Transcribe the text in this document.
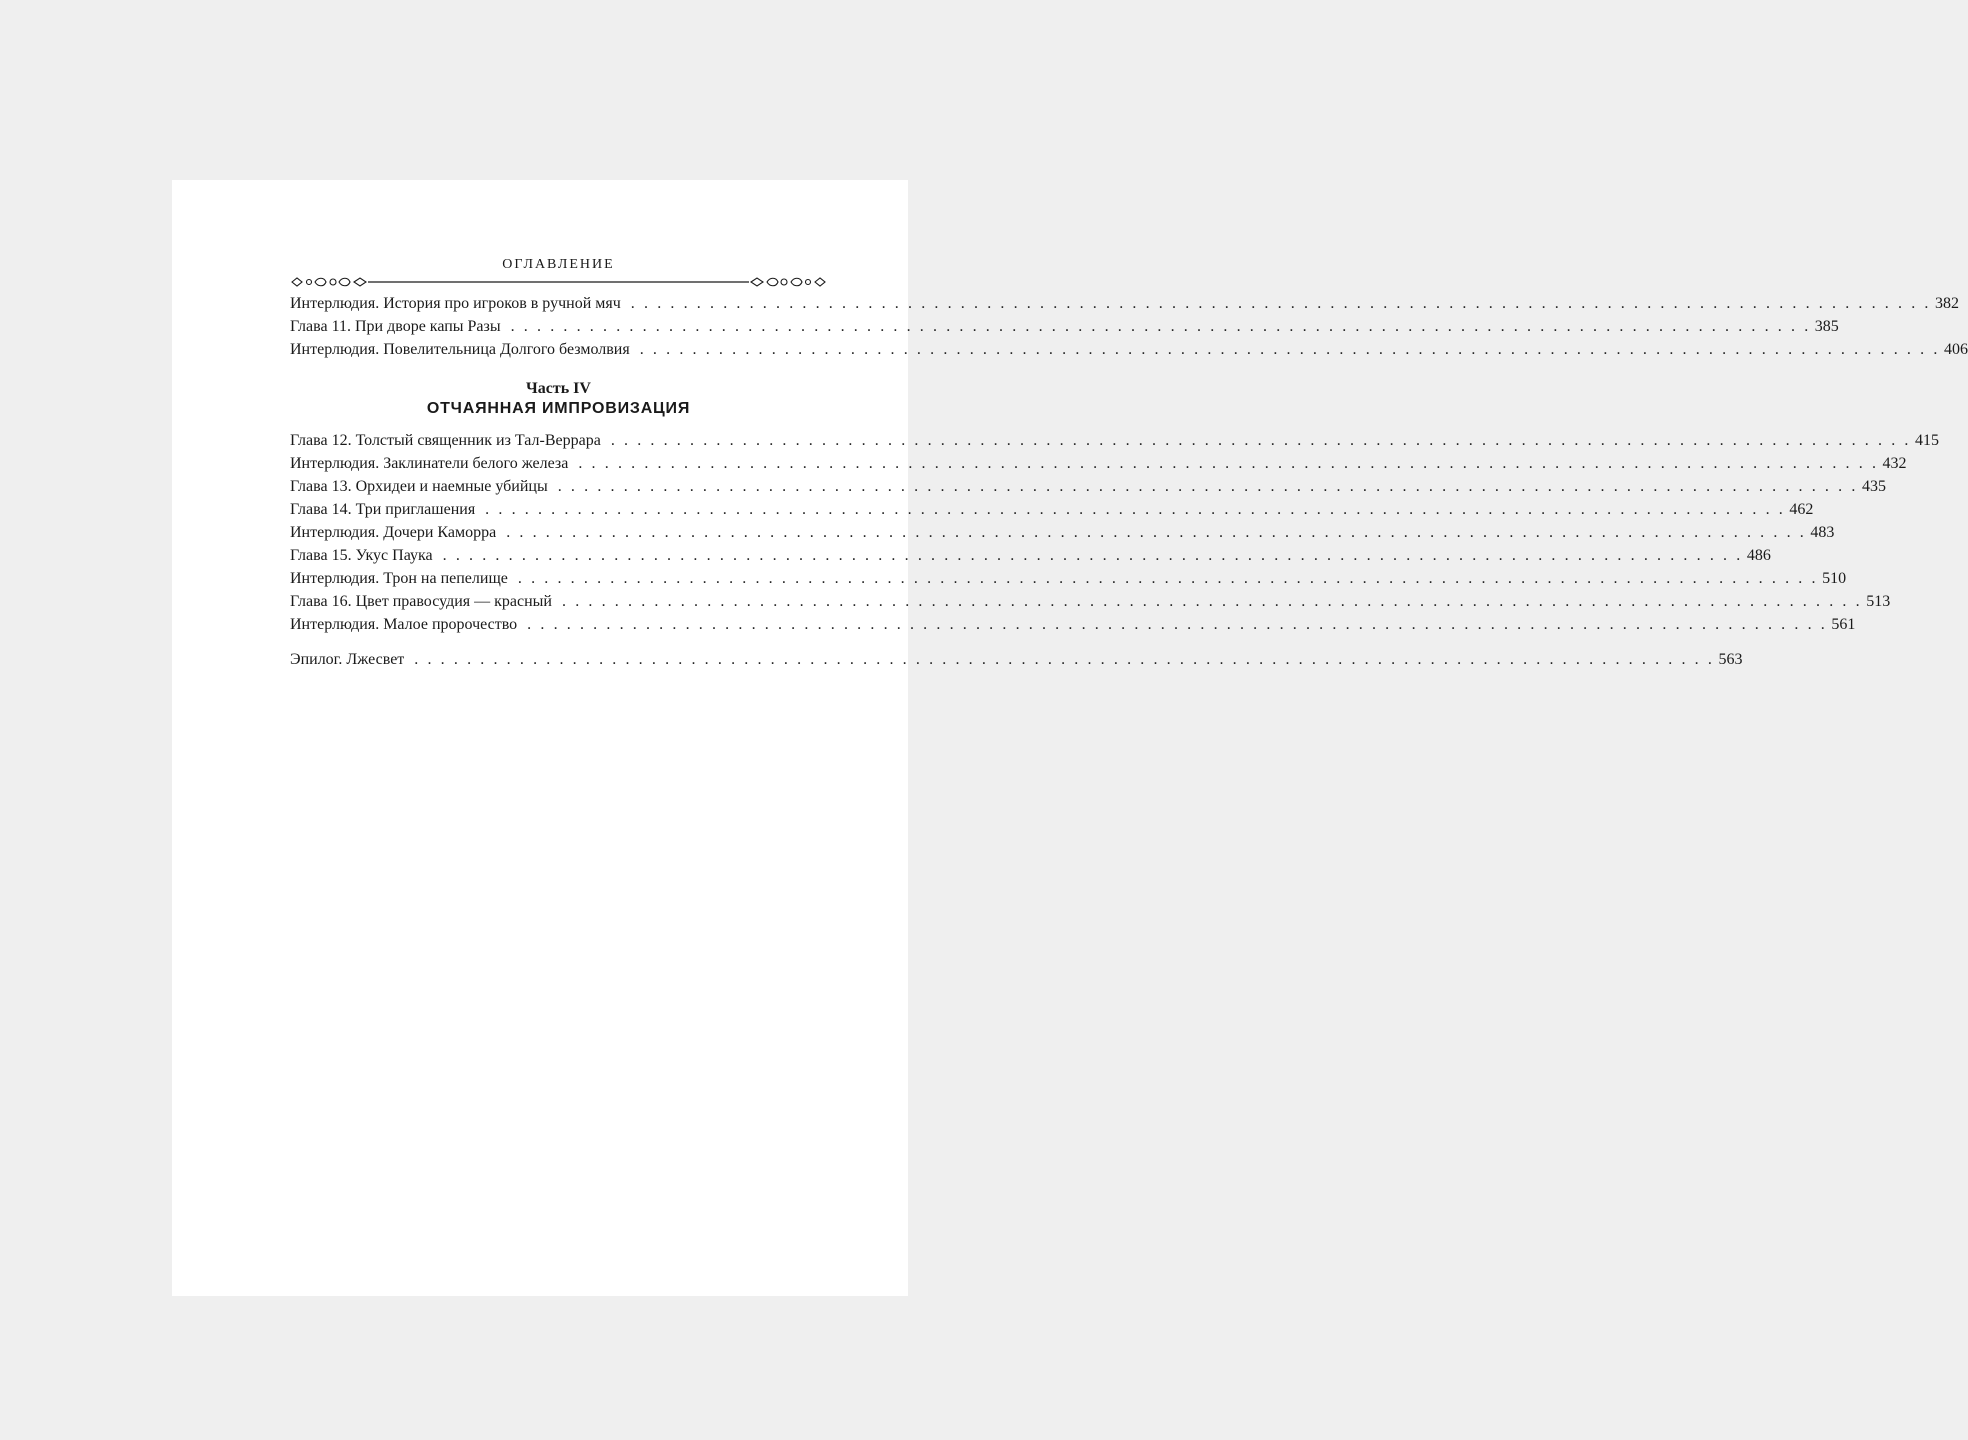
ОГЛАВЛЕНИЕ
Интерлюдия. История про игроков в ручной мяч . . . . . . . . . . . . . . . . . . . . . . . . . . . . . . . . . . . . . . . . . . . . . . . . . . . . . . . . . . . . . . . . . . . . . . . . . . . . . . . . . . . . . . . . . . . . . . . . . . . 382
Глава 11. При дворе капы Разы . . . . . . . . . . . . . . . . . . . . . . . . . . . . . . . . . . . . . . . . . . . . . . . . . . . . . . . . . . . . . . . . . . . . . . . . . . . . . . . . . . . . . . . . . . . . . . . . . . . 385
Интерлюдия. Повелительница Долгого безмолвия . . . . . . . . . . . . . . . . . . . . . . . . . . . . . . . . . . . . . . . . . . . . . . . . . . . . . . . . . . . . . . . . . . . . . . . . . . . . . . . . . . . . . . . . . . . . . . . . . . . 406
Часть IV
ОТЧАЯННАЯ ИМПРОВИЗАЦИЯ
Глава 12. Толстый священник из Тал-Веррара . . . . . . . . . . . . . . . . . . . . . . . . . . . . . . . . . . . . . . . . . . . . . . . . . . . . . . . . . . . . . . . . . . . . . . . . . . . . . . . . . . . . . . . . . . . . . . . . . . . 415
Интерлюдия. Заклинатели белого железа . . . . . . . . . . . . . . . . . . . . . . . . . . . . . . . . . . . . . . . . . . . . . . . . . . . . . . . . . . . . . . . . . . . . . . . . . . . . . . . . . . . . . . . . . . . . . . . . . . . 432
Глава 13. Орхидеи и наемные убийцы . . . . . . . . . . . . . . . . . . . . . . . . . . . . . . . . . . . . . . . . . . . . . . . . . . . . . . . . . . . . . . . . . . . . . . . . . . . . . . . . . . . . . . . . . . . . . . . . . . . 435
Глава 14. Три приглашения . . . . . . . . . . . . . . . . . . . . . . . . . . . . . . . . . . . . . . . . . . . . . . . . . . . . . . . . . . . . . . . . . . . . . . . . . . . . . . . . . . . . . . . . . . . . . . . . . . . 462
Интерлюдия. Дочери Каморра . . . . . . . . . . . . . . . . . . . . . . . . . . . . . . . . . . . . . . . . . . . . . . . . . . . . . . . . . . . . . . . . . . . . . . . . . . . . . . . . . . . . . . . . . . . . . . . . . . . 483
Глава 15. Укус Паука . . . . . . . . . . . . . . . . . . . . . . . . . . . . . . . . . . . . . . . . . . . . . . . . . . . . . . . . . . . . . . . . . . . . . . . . . . . . . . . . . . . . . . . . . . . . . . . . . . . 486
Интерлюдия. Трон на пепелище . . . . . . . . . . . . . . . . . . . . . . . . . . . . . . . . . . . . . . . . . . . . . . . . . . . . . . . . . . . . . . . . . . . . . . . . . . . . . . . . . . . . . . . . . . . . . . . . . . . 510
Глава 16. Цвет правосудия — красный . . . . . . . . . . . . . . . . . . . . . . . . . . . . . . . . . . . . . . . . . . . . . . . . . . . . . . . . . . . . . . . . . . . . . . . . . . . . . . . . . . . . . . . . . . . . . . . . . . . 513
Интерлюдия. Малое пророчество . . . . . . . . . . . . . . . . . . . . . . . . . . . . . . . . . . . . . . . . . . . . . . . . . . . . . . . . . . . . . . . . . . . . . . . . . . . . . . . . . . . . . . . . . . . . . . . . . . . 561
Эпилог. Лжесвет . . . . . . . . . . . . . . . . . . . . . . . . . . . . . . . . . . . . . . . . . . . . . . . . . . . . . . . . . . . . . . . . . . . . . . . . . . . . . . . . . . . . . . . . . . . . . . . . . . . 563
